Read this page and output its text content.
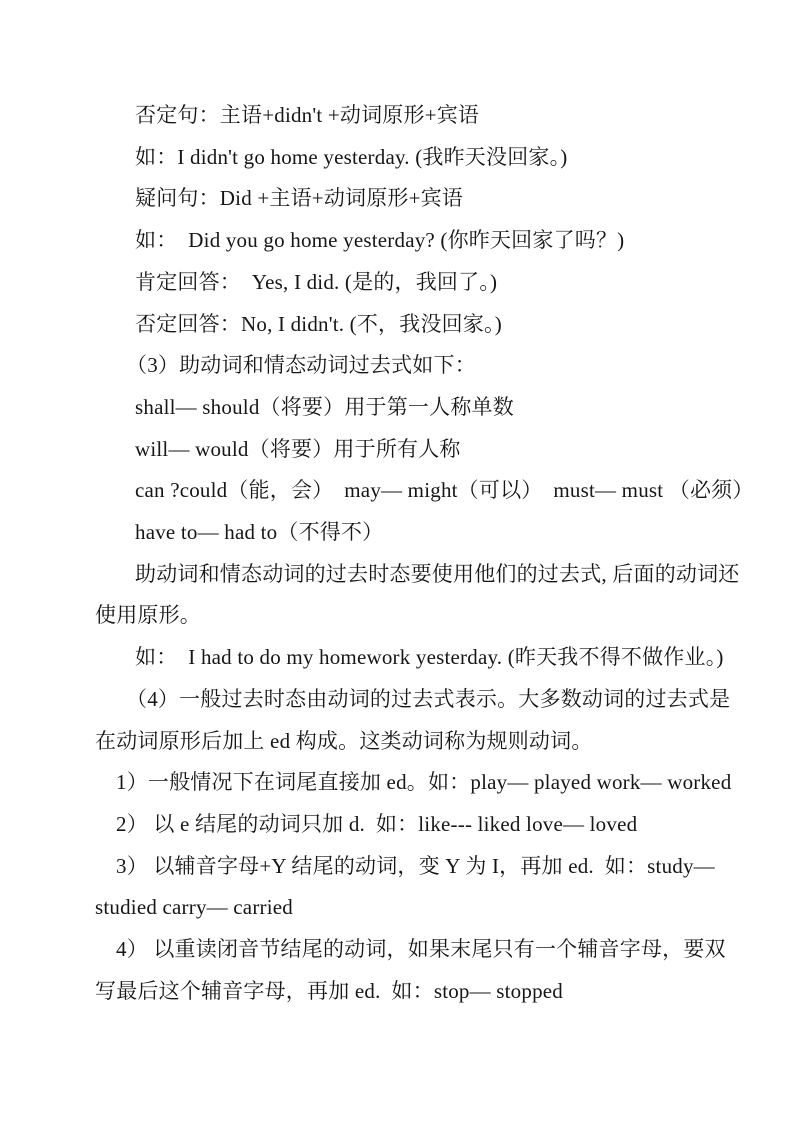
否定句：主语+didn't +动词原形+宾语
如：I didn't go home yesterday. (我昨天没回家。)
疑问句：Did +主语+动词原形+宾语
如：  Did you go home yesterday? (你昨天回家了吗？)
肯定回答：  Yes, I did. (是的，我回了。)
否定回答：No, I didn't. (不，我没回家。)
（3）助动词和情态动词过去式如下：
shall— should（将要）用于第一人称单数
will— would（将要）用于所有人称
can ?could（能，会）  may— might（可以）  must— must （必须）
have to— had to（不得不）
助动词和情态动词的过去时态要使用他们的过去式, 后面的动词还
使用原形。
如：  I had to do my homework yesterday. (昨天我不得不做作业。)
（4）一般过去时态由动词的过去式表示。大多数动词的过去式是
在动词原形后加上 ed 构成。这类动词称为规则动词。
1）一般情况下在词尾直接加 ed。如：play— played work— worked
2） 以 e 结尾的动词只加 d.  如：like--- liked love— loved
3） 以辅音字母+Y 结尾的动词，变 Y 为 I，再加 ed.  如：study—
studied carry— carried
4） 以重读闭音节结尾的动词，如果末尾只有一个辅音字母，要双
写最后这个辅音字母，再加 ed.  如：stop— stopped
